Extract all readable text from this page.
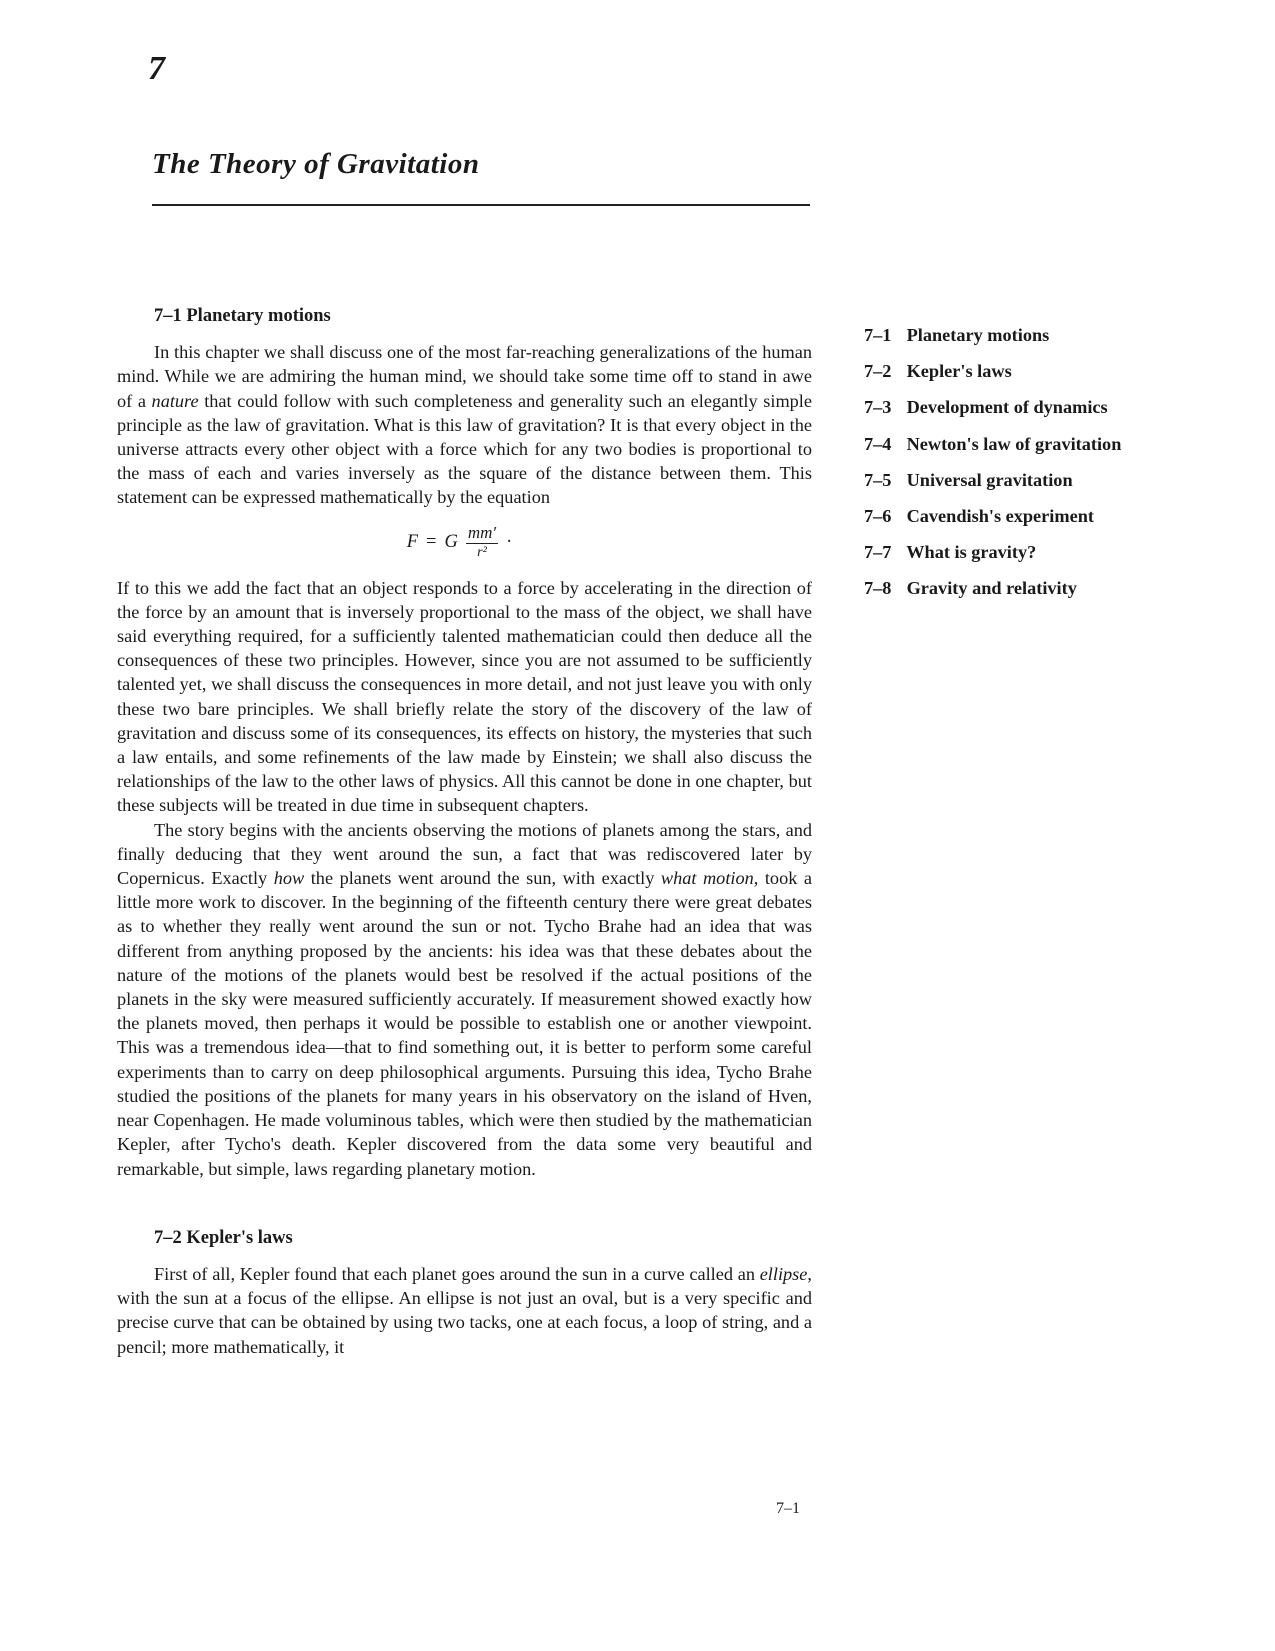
7
The Theory of Gravitation
7–1 Planetary motions

In this chapter we shall discuss one of the most far-reaching generalizations of the human mind. While we are admiring the human mind, we should take some time off to stand in awe of a nature that could follow with such completeness and generality such an elegantly simple principle as the law of gravitation. What is this law of gravitation? It is that every object in the universe attracts every other object with a force which for any two bodies is proportional to the mass of each and varies inversely as the square of the distance between them. This statement can be expressed mathematically by the equation

F = G $\frac{mm'}{\text{r²}}$ ·

If to this we add the fact that an object responds to a force by accelerating in the direction of the force by an amount that is inversely proportional to the mass of the object, we shall have said everything required, for a sufficiently talented mathematician could then deduce all the consequences of these two principles. However, since you are not assumed to be sufficiently talented yet, we shall discuss the consequences in more detail, and not just leave you with only these two bare principles. We shall briefly relate the story of the discovery of the law of gravitation and discuss some of its consequences, its effects on history, the mysteries that such a law entails, and some refinements of the law made by Einstein; we shall also discuss the relationships of the law to the other laws of physics. All this cannot be done in one chapter, but these subjects will be treated in due time in subsequent chapters.

The story begins with the ancients observing the motions of planets among the stars, and finally deducing that they went around the sun, a fact that was rediscovered later by Copernicus. Exactly how the planets went around the sun, with exactly what motion, took a little more work to discover. In the beginning of the fifteenth century there were great debates as to whether they really went around the sun or not. Tycho Brahe had an idea that was different from anything proposed by the ancients: his idea was that these debates about the nature of the motions of the planets would best be resolved if the actual positions of the planets in the sky were measured sufficiently accurately. If measurement showed exactly how the planets moved, then perhaps it would be possible to establish one or another viewpoint. This was a tremendous idea—that to find something out, it is better to perform some careful experiments than to carry on deep philosophical arguments. Pursuing this idea, Tycho Brahe studied the positions of the planets for many years in his observatory on the island of Hven, near Copenhagen. He made voluminous tables, which were then studied by the mathematician Kepler, after Tycho's death. Kepler discovered from the data some very beautiful and remarkable, but simple, laws regarding planetary motion.

7–2 Kepler's laws

First of all, Kepler found that each planet goes around the sun in a curve called an ellipse, with the sun at a focus of the ellipse. An ellipse is not just an oval, but is a very specific and precise curve that can be obtained by using two tacks, one at each focus, a loop of string, and a pencil; more mathematically, it

7–1 Planetary motions
7–2 Kepler's laws
7–3 Development of dynamics
7–4 Newton's law of gravitation
7–5 Universal gravitation
7–6 Cavendish's experiment
7–7 What is gravity?
7–8 Gravity and relativity
7–1
